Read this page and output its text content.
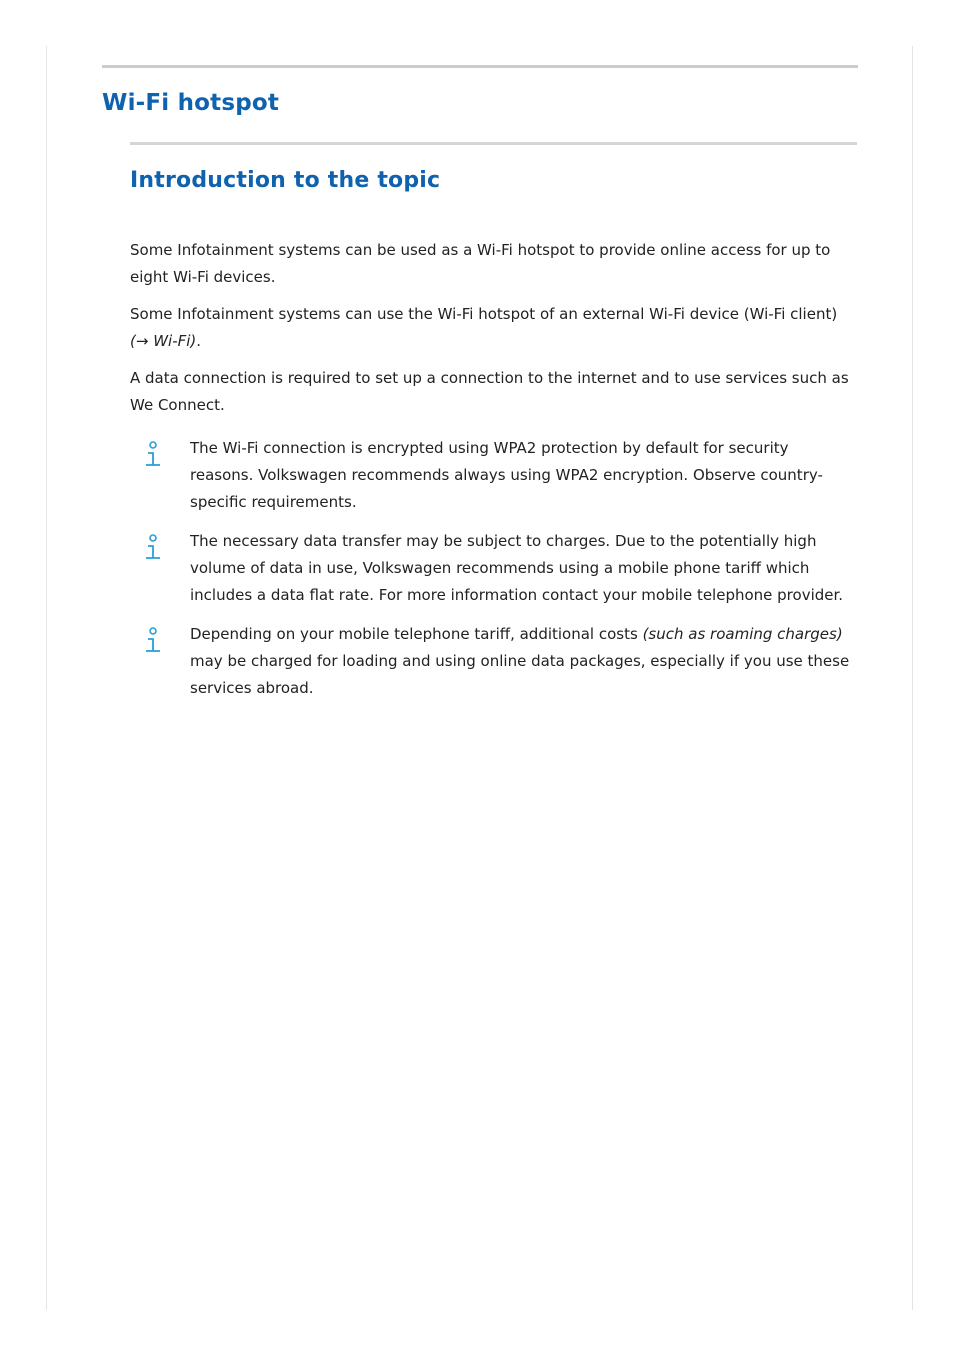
Wi-Fi hotspot
Introduction to the topic

Some Infotainment systems can be used as a Wi-Fi hotspot to provide online access for up to eight Wi-Fi devices.

Some Infotainment systems can use the Wi-Fi hotspot of an external Wi-Fi device (Wi-Fi client)
(→ Wi-Fi).

A data connection is required to set up a connection to the internet and to use services such as We Connect.

The Wi-Fi connection is encrypted using WPA2 protection by default for security reasons. Volkswagen recommends always using WPA2 encryption. Observe country-specific requirements.
The necessary data transfer may be subject to charges. Due to the potentially high volume of data in use, Volkswagen recommends using a mobile phone tariff which includes a data flat rate. For more information contact your mobile telephone provider.
Depending on your mobile telephone tariff, additional costs (such as roaming charges) may be charged for loading and using online data packages, especially if you use these services abroad.
